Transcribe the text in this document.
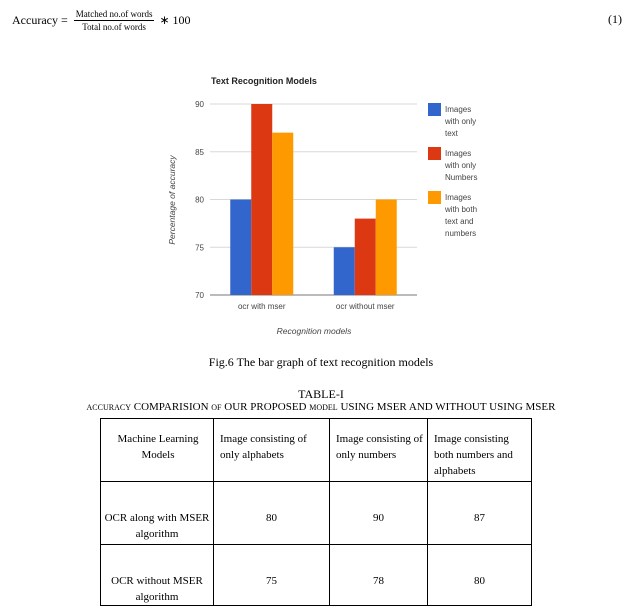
Accuracy = $\frac{\text{Matched no.of words}}{\text{Total no.of words}}$ ∗ 100	(1)
Text Recognition Models
70
75
80
85
90
ocr with mser	ocr without mser
Recognition models
Percentage of accuracy
Images
with only
text
Images
with only
Numbers
Images
with both
text and
numbers
Fig.6 The bar graph of text recognition models
TABLE-I
ACCURACY COMPARISION OF OUR PROPOSED MODEL USING MSER AND WITHOUT USING MSER
Machine Learning Models	Image consisting of only alphabets	Image consisting of only numbers	Image consisting both numbers and alphabets

OCR along with MSER algorithm	80	90	87

OCR without MSER algorithm	75	78	80
